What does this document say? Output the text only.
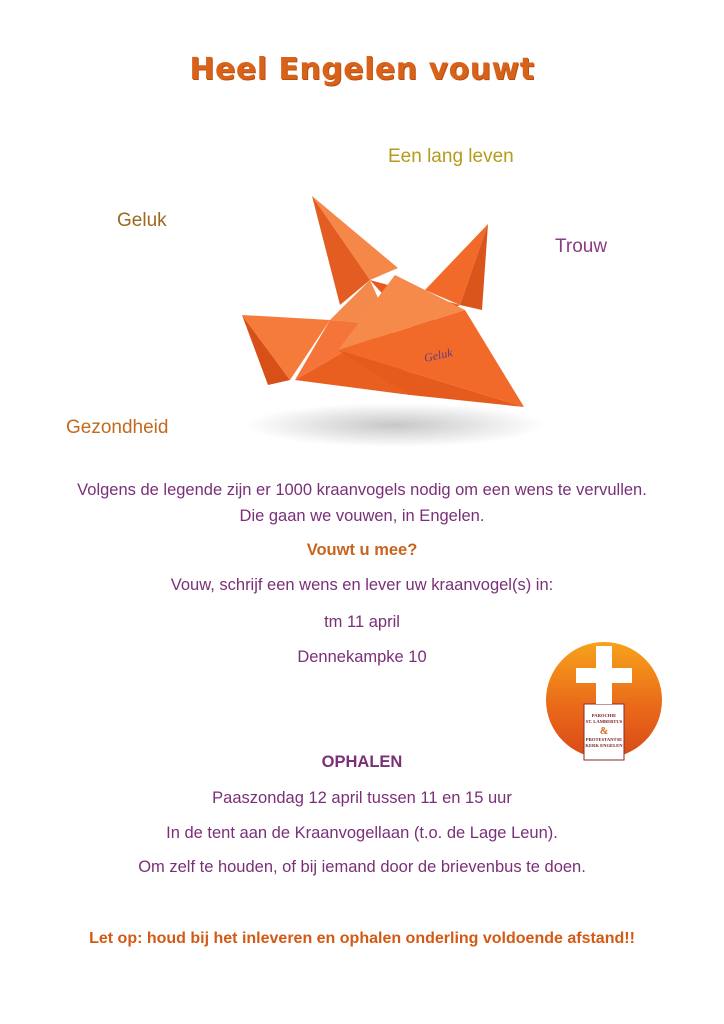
Heel Engelen vouwt
Een lang leven
Geluk
Trouw
Gezondheid
Geluk
Volgens de legende zijn er 1000 kraanvogels nodig om een wens te vervullen.
Die gaan we vouwen, in Engelen.
Vouwt u mee?
Vouw, schrijf een wens en lever uw kraanvogel(s) in:
tm 11 april
Dennekampke 10
PAROCHIE
ST. LAMBERTUS
&
PROTESTANTSE
KERK ENGELEN
OPHALEN
Paaszondag 12 april tussen 11 en 15 uur
In de tent aan de Kraanvogellaan (t.o. de Lage Leun).
Om zelf te houden, of bij iemand door de brievenbus te doen.
Let op: houd bij het inleveren en ophalen onderling voldoende afstand!!
